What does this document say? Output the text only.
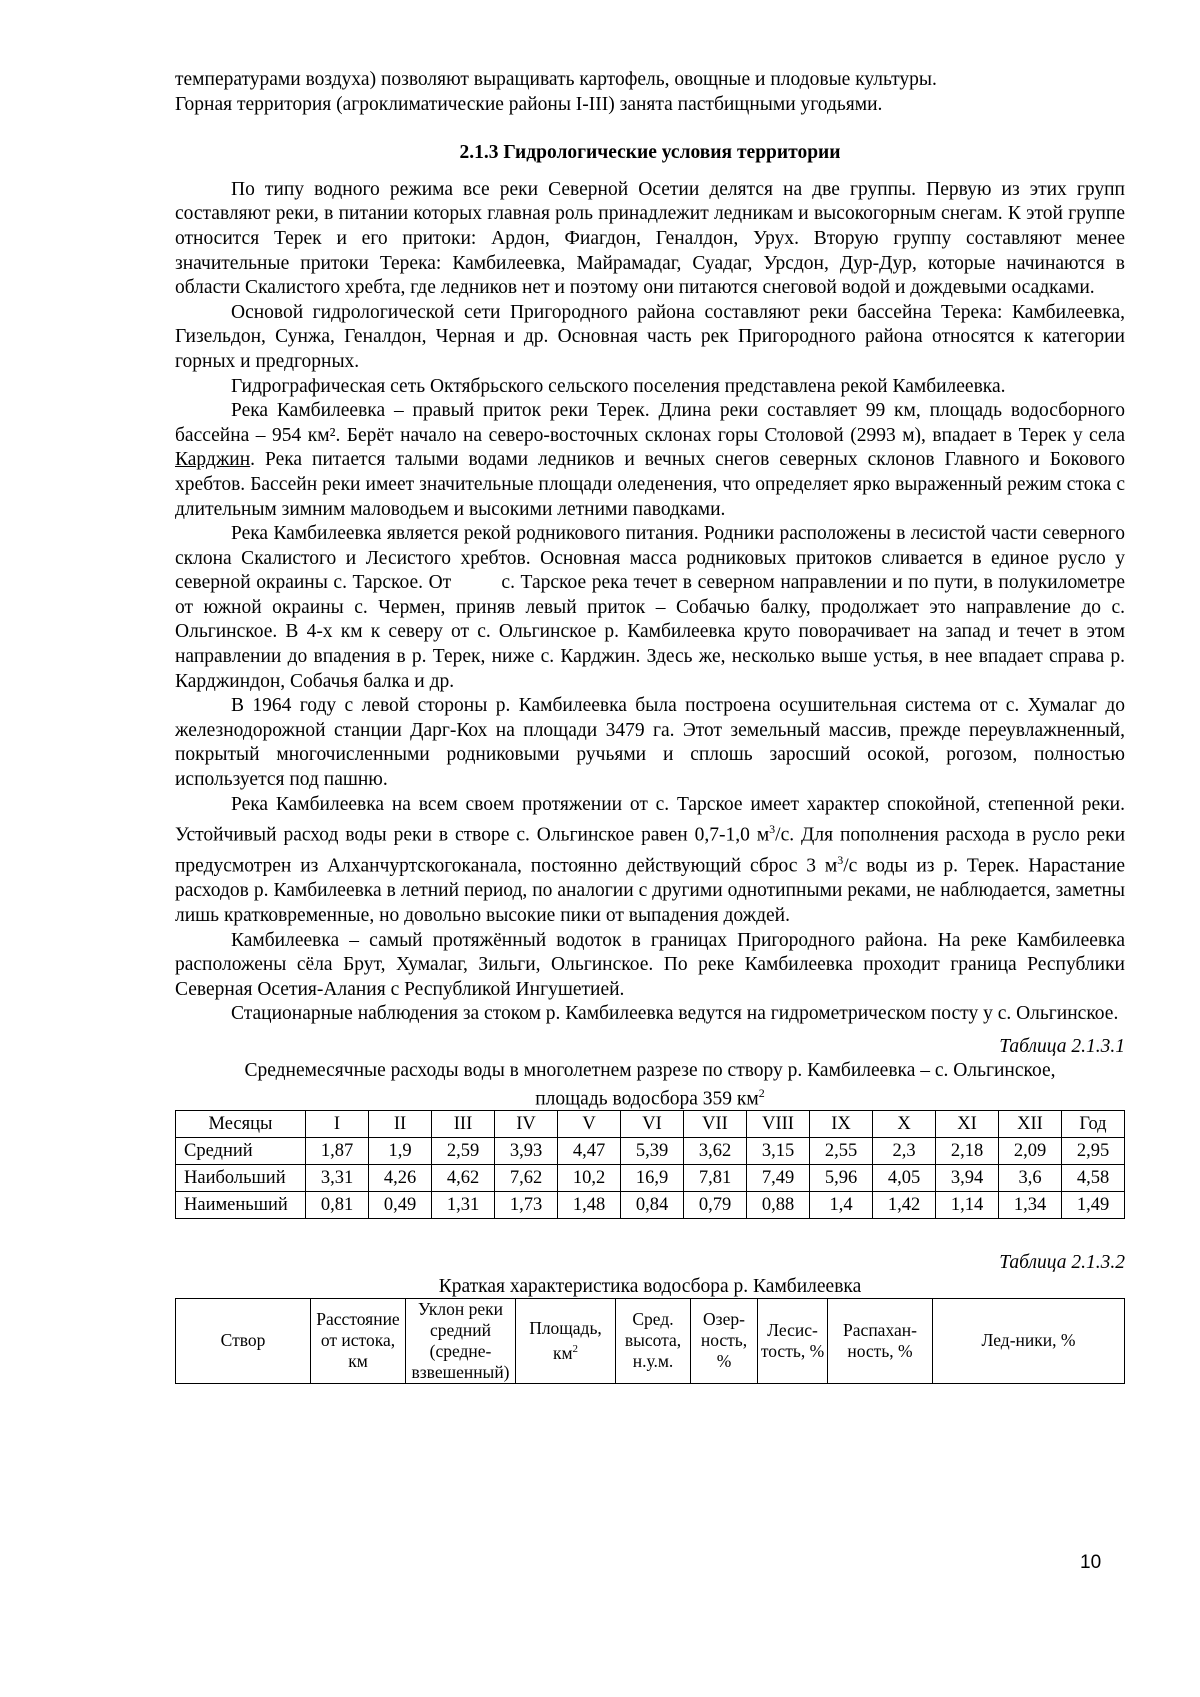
температурами воздуха) позволяют выращивать картофель, овощные и плодовые культуры.

Горная территория (агроклиматические районы I-III) занята пастбищными угодьями.

2.1.3 Гидрологические условия территории

По типу водного режима все реки Северной Осетии делятся на две группы. Первую из этих групп составляют реки, в питании которых главная роль принадлежит ледникам и высокогорным снегам. К этой группе относится Терек и его притоки: Ардон, Фиагдон, Геналдон, Урух. Вторую группу составляют менее значительные притоки Терека: Камбилеевка, Майрамадаг, Суадаг, Урсдон, Дур-Дур, которые начинаются в области Скалистого хребта, где ледников нет и поэтому они питаются снеговой водой и дождевыми осадками.

Основой гидрологической сети Пригородного района составляют реки бассейна Терека: Камбилеевка, Гизельдон, Сунжа, Геналдон, Черная и др. Основная часть рек Пригородного района относятся к категории горных и предгорных.

Гидрографическая сеть Октябрьского сельского поселения представлена рекой Камбилеевка.

Река Камбилеевка – правый приток реки Терек. Длина реки составляет 99 км, площадь водосборного бассейна – 954 км². Берёт начало на северо-восточных склонах горы Столовой (2993 м), впадает в Терек у села Карджин. Река питается талыми водами ледников и вечных снегов северных склонов Главного и Бокового хребтов. Бассейн реки имеет значительные площади оледенения, что определяет ярко выраженный режим стока с длительным зимним маловодьем и высокими летними паводками.

Река Камбилеевка является рекой родникового питания. Родники расположены в лесистой части северного склона Скалистого и Лесистого хребтов. Основная масса родниковых притоков сливается в единое русло у северной окраины с. Тарское. От         с. Тарское река течет в северном направлении и по пути, в полукилометре от южной окраины с. Чермен, приняв левый приток – Собачью балку, продолжает это направление до с. Ольгинское. В 4-х км к северу от с. Ольгинское р. Камбилеевка круто поворачивает на запад и течет в этом направлении до впадения в р. Терек, ниже с. Карджин. Здесь же, несколько выше устья, в нее впадает справа р. Карджиндон, Собачья балка и др.

В 1964 году с левой стороны р. Камбилеевка была построена осушительная система от с. Хумалаг до железнодорожной станции Дарг-Кох на площади 3479 га. Этот земельный массив, прежде переувлажненный, покрытый многочисленными родниковыми ручьями и сплошь заросший осокой, рогозом, полностью используется под пашню.

Река Камбилеевка на всем своем протяжении от с. Тарское имеет характер спокойной, степенной реки. Устойчивый расход воды реки в створе с. Ольгинское равен 0,7-1,0 $м^3/с$. Для пополнения расхода в русло реки предусмотрен из Алханчуртскогоканала, постоянно действующий сброс 3 $м^3/с$ воды из р. Терек. Нарастание расходов р. Камбилеевка в летний период, по аналогии с другими однотипными реками, не наблюдается, заметны лишь кратковременные, но довольно высокие пики от выпадения дождей.

Камбилеевка – самый протяжённый водоток в границах Пригородного района. На реке Камбилеевка расположены сёла Брут, Хумалаг, Зильги, Ольгинское. По реке Камбилеевка проходит граница Республики Северная Осетия-Алания с Республикой Ингушетией.

Стационарные наблюдения за стоком р. Камбилеевка ведутся на гидрометрическом посту у с. Ольгинское.

Таблица 2.1.3.1
Среднемесячные расходы воды в многолетнем разрезе по створу р. Камбилеевка – с. Ольгинское,
площадь водосбора 359 $км^2$
Месяцы	I	II	III	IV	V	VI	VII	VIII	IX	X	XI	XII	Год
Средний	1,87	1,9	2,59	3,93	4,47	5,39	3,62	3,15	2,55	2,3	2,18	2,09	2,95
Наибольший	3,31	4,26	4,62	7,62	10,2	16,9	7,81	7,49	5,96	4,05	3,94	3,6	4,58
Наименьший	0,81	0,49	1,31	1,73	1,48	0,84	0,79	0,88	1,4	1,42	1,14	1,34	1,49
Таблица 2.1.3.2
Краткая характеристика водосбора р. Камбилеевка
Створ	Расстояние от истока, км	Уклон реки средний (средне-взвешенный)	Площадь, $км^2$	Сред. высота, н.у.м.	Озер-ность, %	Лесис-тость, %	Распахан-ность, %	Лед-ники, %
10
